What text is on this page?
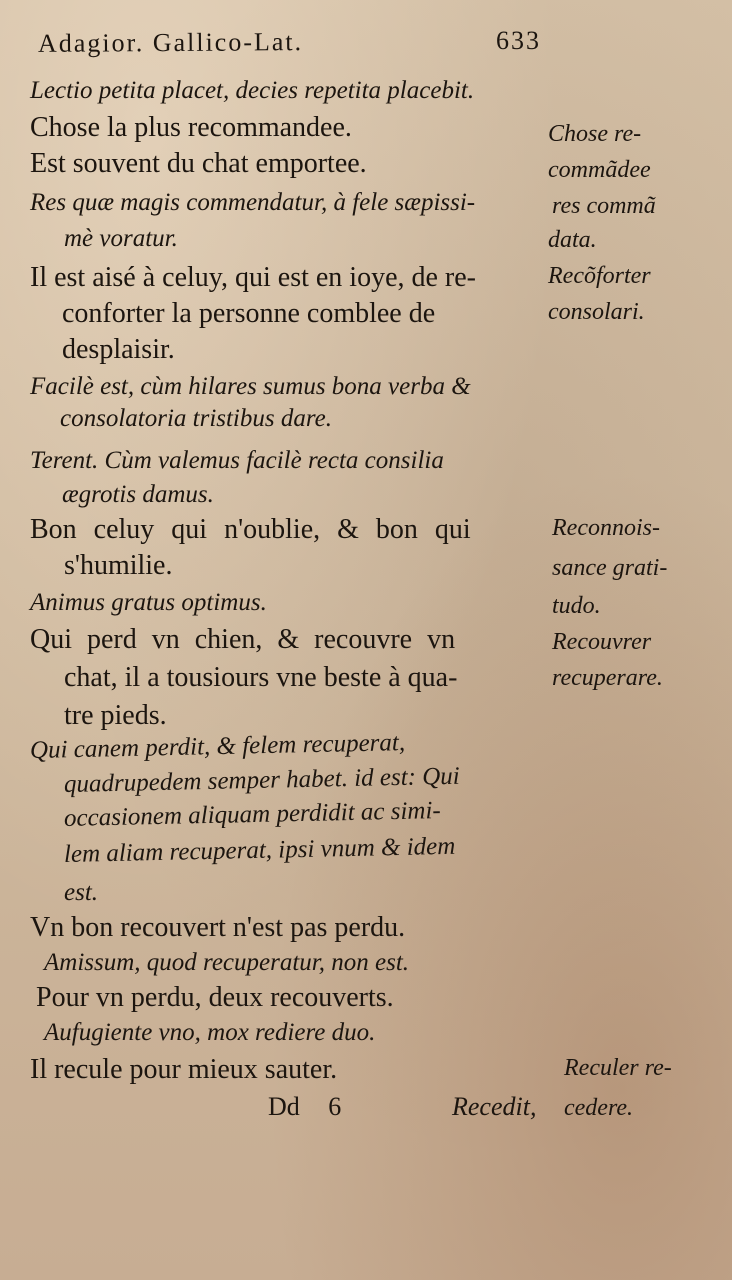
Adagior. Gallico-Lat.	633
Lectio petita placet, decies repetita placebit.
Chose la plus recommandee.
Est souvent du chat emportee.
Res quæ magis commendatur, à fele sæpissi-
mè voratur.
Il est aisé à celuy, qui est en ioye, de re-
conforter la personne comblee de
desplaisir.
Facilè est, cùm hilares sumus bona verba &
consolatoria tristibus dare.
Terent. Cùm valemus facilè recta consilia
ægrotis damus.
Bon celuy qui n'oublie, & bon qui
s'humilie.
Animus gratus optimus.
Qui perd vn chien, & recouvre vn
chat, il a tousiours vne beste à qua-
tre pieds.
Qui canem perdit, & felem recuperat,
quadrupedem semper habet. id est: Qui
occasionem aliquam perdidit ac simi-
lem aliam recuperat, ipsi vnum & idem
est.
Vn bon recouvert n'est pas perdu.
Amissum, quod recuperatur, non est.
Pour vn perdu, deux recouverts.
Aufugiente vno, mox rediere duo.
Il recule pour mieux sauter.
Chose re-
commãdee
res commã
data.
Recõforter
consolari.
Reconnois-
sance grati-
tudo.
Recouvrer
recuperare.
Reculer re-
Dd 6	Recedit, cedere.
